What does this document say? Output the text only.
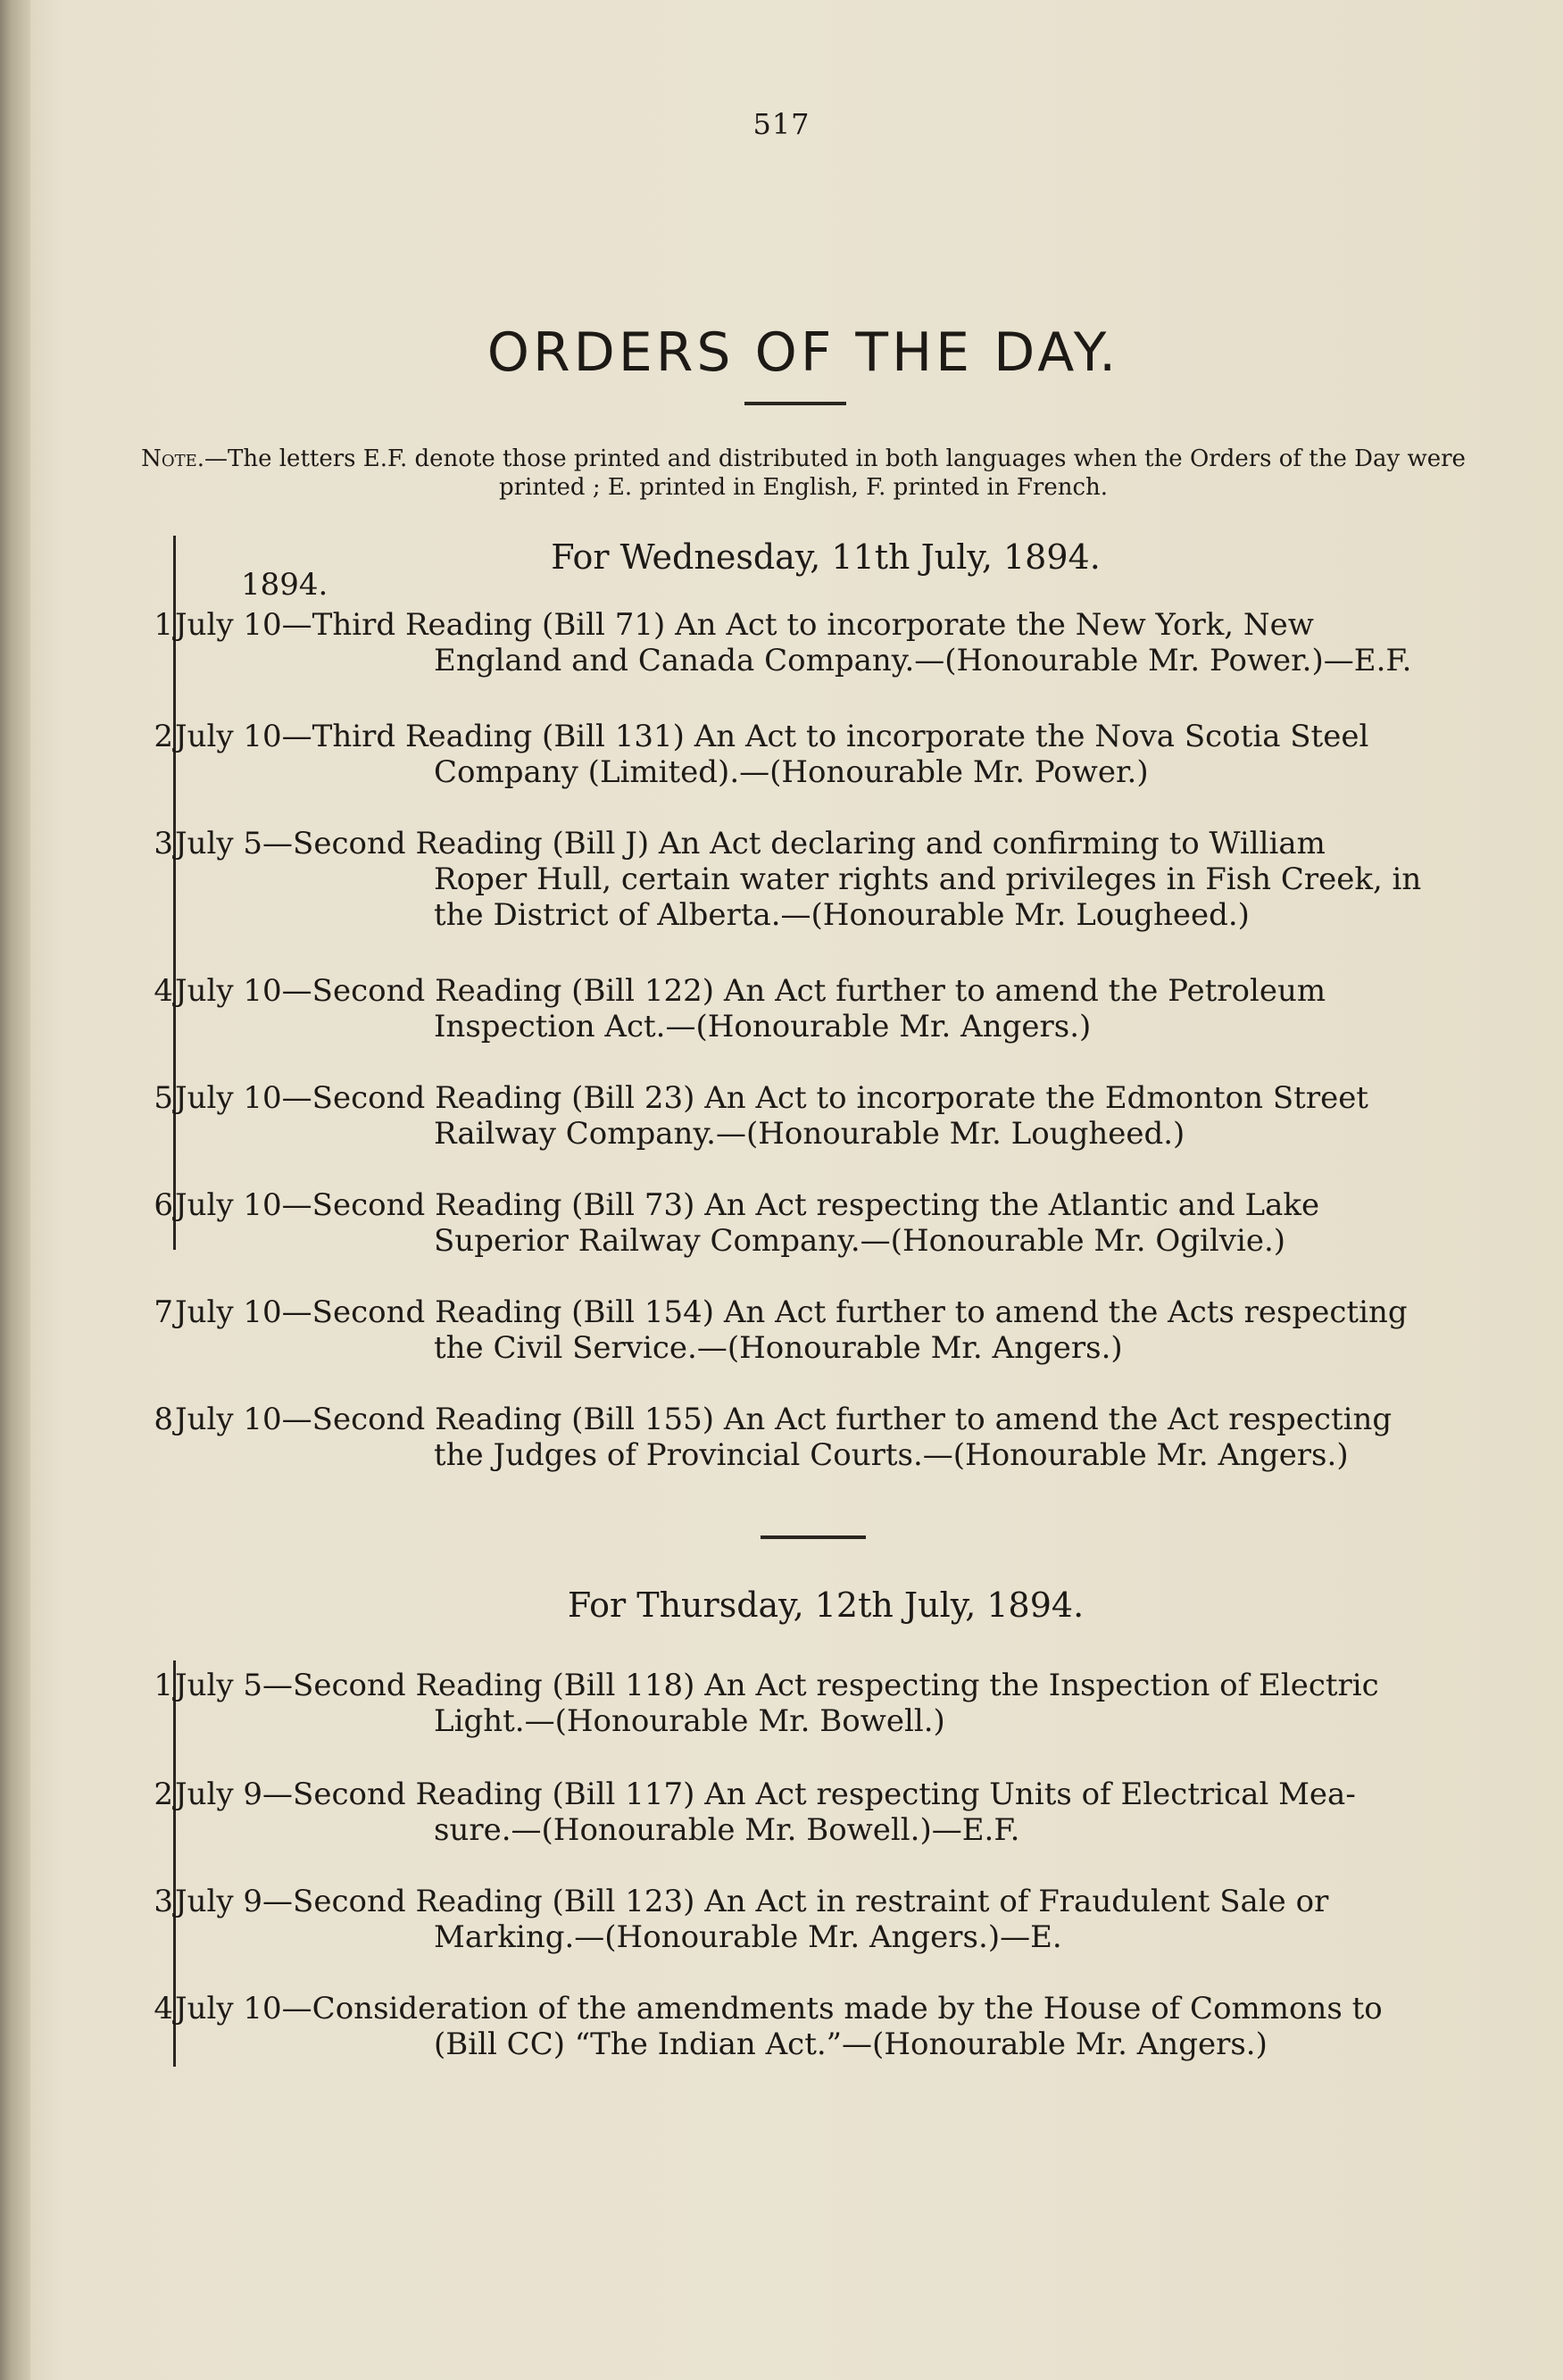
517
ORDERS OF THE DAY.
Note.—The letters E.F. denote those printed and distributed in both languages when the Orders of the Day were printed ; E. printed in English, F. printed in French.
For Wednesday, 11th July, 1894.
1894.
1 July 10—Third Reading (Bill 71) An Act to incorporate the New York, New
England and Canada Company.—(Honourable Mr. Power.)—E.F.
2 July 10—Third Reading (Bill 131) An Act to incorporate the Nova Scotia Steel
Company (Limited).—(Honourable Mr. Power.)
3 July 5—Second Reading (Bill J) An Act declaring and confirming to William
Roper Hull, certain water rights and privileges in Fish Creek, in
the District of Alberta.—(Honourable Mr. Lougheed.)
4 July 10—Second Reading (Bill 122) An Act further to amend the Petroleum
Inspection Act.—(Honourable Mr. Angers.)
5 July 10—Second Reading (Bill 23) An Act to incorporate the Edmonton Street
Railway Company.—(Honourable Mr. Lougheed.)
6 July 10—Second Reading (Bill 73) An Act respecting the Atlantic and Lake
Superior Railway Company.—(Honourable Mr. Ogilvie.)
7 July 10—Second Reading (Bill 154) An Act further to amend the Acts respecting
the Civil Service.—(Honourable Mr. Angers.)
8 July 10—Second Reading (Bill 155) An Act further to amend the Act respecting
the Judges of Provincial Courts.—(Honourable Mr. Angers.)
For Thursday, 12th July, 1894.
1 July 5—Second Reading (Bill 118) An Act respecting the Inspection of Electric
Light.—(Honourable Mr. Bowell.)
2 July 9—Second Reading (Bill 117) An Act respecting Units of Electrical Mea-
sure.—(Honourable Mr. Bowell.)—E.F.
3 July 9—Second Reading (Bill 123) An Act in restraint of Fraudulent Sale or
Marking.—(Honourable Mr. Angers.)—E.
4 July 10—Consideration of the amendments made by the House of Commons to
(Bill CC) “The Indian Act.”—(Honourable Mr. Angers.)
